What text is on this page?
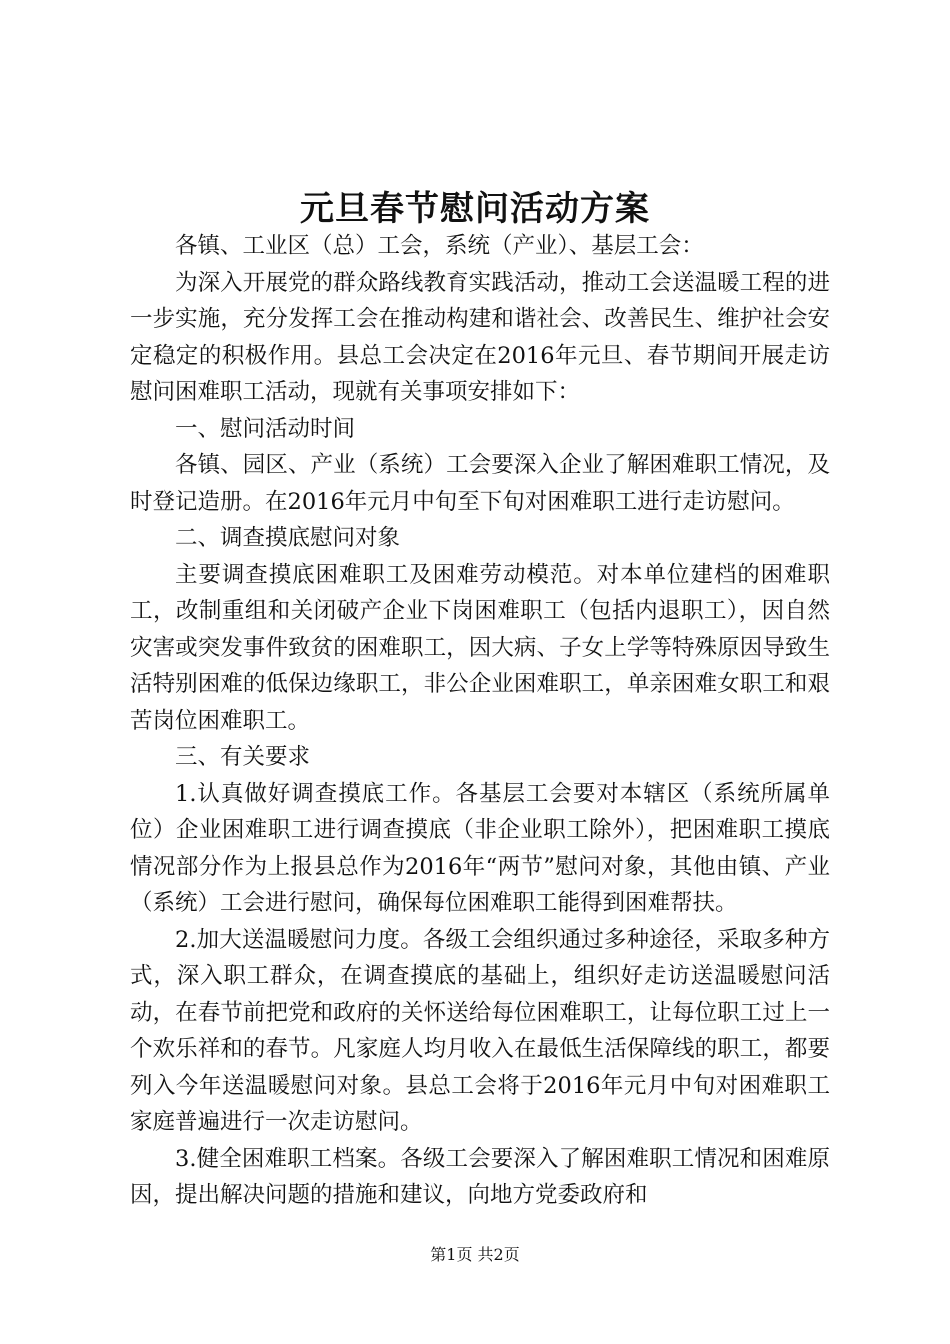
元旦春节慰问活动方案

各镇、工业区（总）工会，系统（产业）、基层工会：

为深入开展党的群众路线教育实践活动，推动工会送温暖工程的进一步实施，充分发挥工会在推动构建和谐社会、改善民生、维护社会安定稳定的积极作用。县总工会决定在2016年元旦、春节期间开展走访慰问困难职工活动，现就有关事项安排如下：

一、慰问活动时间

各镇、园区、产业（系统）工会要深入企业了解困难职工情况，及时登记造册。在2016年元月中旬至下旬对困难职工进行走访慰问。

二、调查摸底慰问对象

主要调查摸底困难职工及困难劳动模范。对本单位建档的困难职工，改制重组和关闭破产企业下岗困难职工（包括内退职工），因自然灾害或突发事件致贫的困难职工，因大病、子女上学等特殊原因导致生活特别困难的低保边缘职工，非公企业困难职工，单亲困难女职工和艰苦岗位困难职工。

三、有关要求

1.认真做好调查摸底工作。各基层工会要对本辖区（系统所属单位）企业困难职工进行调查摸底（非企业职工除外），把困难职工摸底情况部分作为上报县总作为2016年“两节”慰问对象，其他由镇、产业（系统）工会进行慰问，确保每位困难职工能得到困难帮扶。

2.加大送温暖慰问力度。各级工会组织通过多种途径，采取多种方式，深入职工群众，在调查摸底的基础上，组织好走访送温暖慰问活动，在春节前把党和政府的关怀送给每位困难职工，让每位职工过上一个欢乐祥和的春节。凡家庭人均月收入在最低生活保障线的职工，都要列入今年送温暖慰问对象。县总工会将于2016年元月中旬对困难职工家庭普遍进行一次走访慰问。

3.健全困难职工档案。各级工会要深入了解困难职工情况和困难原因，提出解决问题的措施和建议，向地方党委政府和

第1页 共2页
